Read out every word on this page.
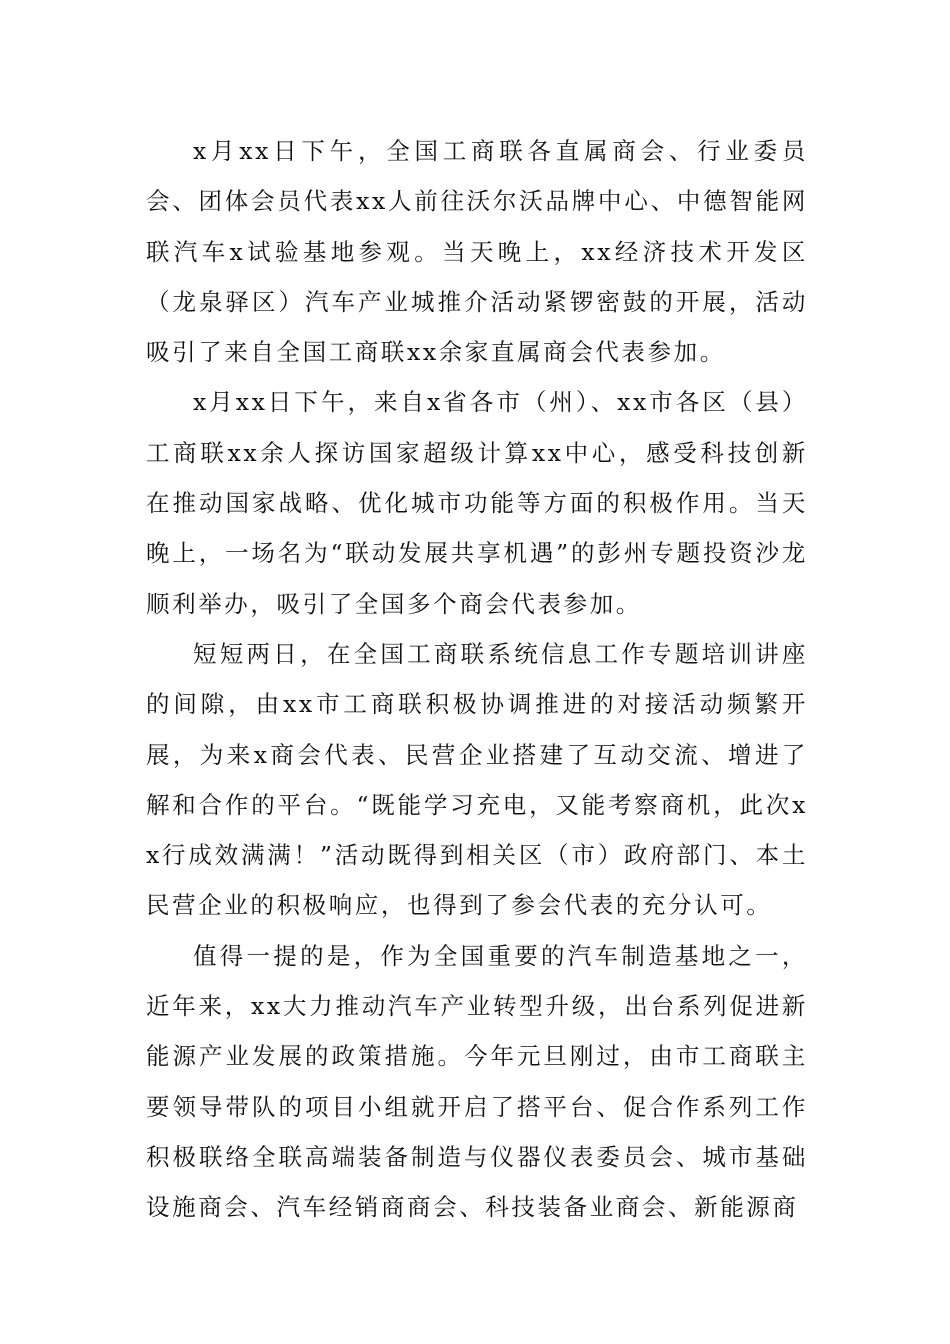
x月xx日下午，全国工商联各直属商会、行业委员会、团体会员代表xx人前往沃尔沃品牌中心、中德智能网联汽车x试验基地参观。当天晚上，xx经济技术开发区（龙泉驿区）汽车产业城推介活动紧锣密鼓的开展，活动吸引了来自全国工商联xx余家直属商会代表参加。

x月xx日下午，来自x省各市（州）、xx市各区（县）工商联xx余人探访国家超级计算xx中心，感受科技创新在推动国家战略、优化城市功能等方面的积极作用。当天晚上，一场名为“联动发展共享机遇”的彭州专题投资沙龙顺利举办，吸引了全国多个商会代表参加。

短短两日，在全国工商联系统信息工作专题培训讲座的间隙，由xx市工商联积极协调推进的对接活动频繁开展，为来x商会代表、民营企业搭建了互动交流、增进了解和合作的平台。“既能学习充电，又能考察商机，此次xx行成效满满！”活动既得到相关区（市）政府部门、本土民营企业的积极响应，也得到了参会代表的充分认可。

值得一提的是，作为全国重要的汽车制造基地之一，近年来，xx大力推动汽车产业转型升级，出台系列促进新能源产业发展的政策措施。今年元旦刚过，由市工商联主要领导带队的项目小组就开启了搭平台、促合作系列工作积极联络全联高端装备制造与仪器仪表委员会、城市基础设施商会、汽车经销商商会、科技装备业商会、新能源商
